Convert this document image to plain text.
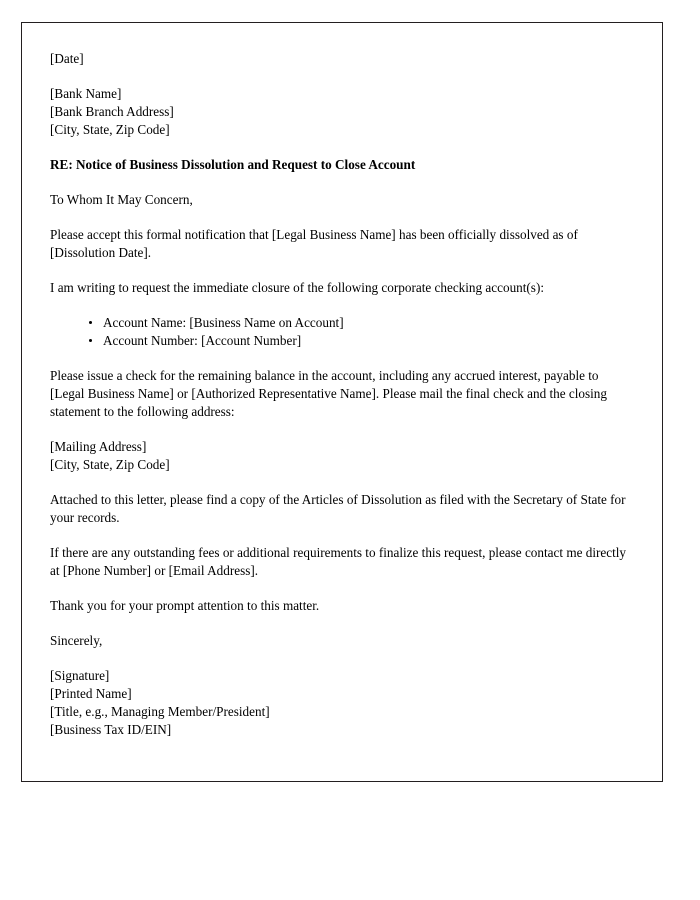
[Date]
[Bank Name]
[Bank Branch Address]
[City, State, Zip Code]
RE: Notice of Business Dissolution and Request to Close Account
To Whom It May Concern,
Please accept this formal notification that [Legal Business Name] has been officially dissolved as of [Dissolution Date].
I am writing to request the immediate closure of the following corporate checking account(s):
Account Name: [Business Name on Account]
Account Number: [Account Number]
Please issue a check for the remaining balance in the account, including any accrued interest, payable to [Legal Business Name] or [Authorized Representative Name]. Please mail the final check and the closing statement to the following address:
[Mailing Address]
[City, State, Zip Code]
Attached to this letter, please find a copy of the Articles of Dissolution as filed with the Secretary of State for your records.
If there are any outstanding fees or additional requirements to finalize this request, please contact me directly at [Phone Number] or [Email Address].
Thank you for your prompt attention to this matter.
Sincerely,
[Signature]
[Printed Name]
[Title, e.g., Managing Member/President]
[Business Tax ID/EIN]
